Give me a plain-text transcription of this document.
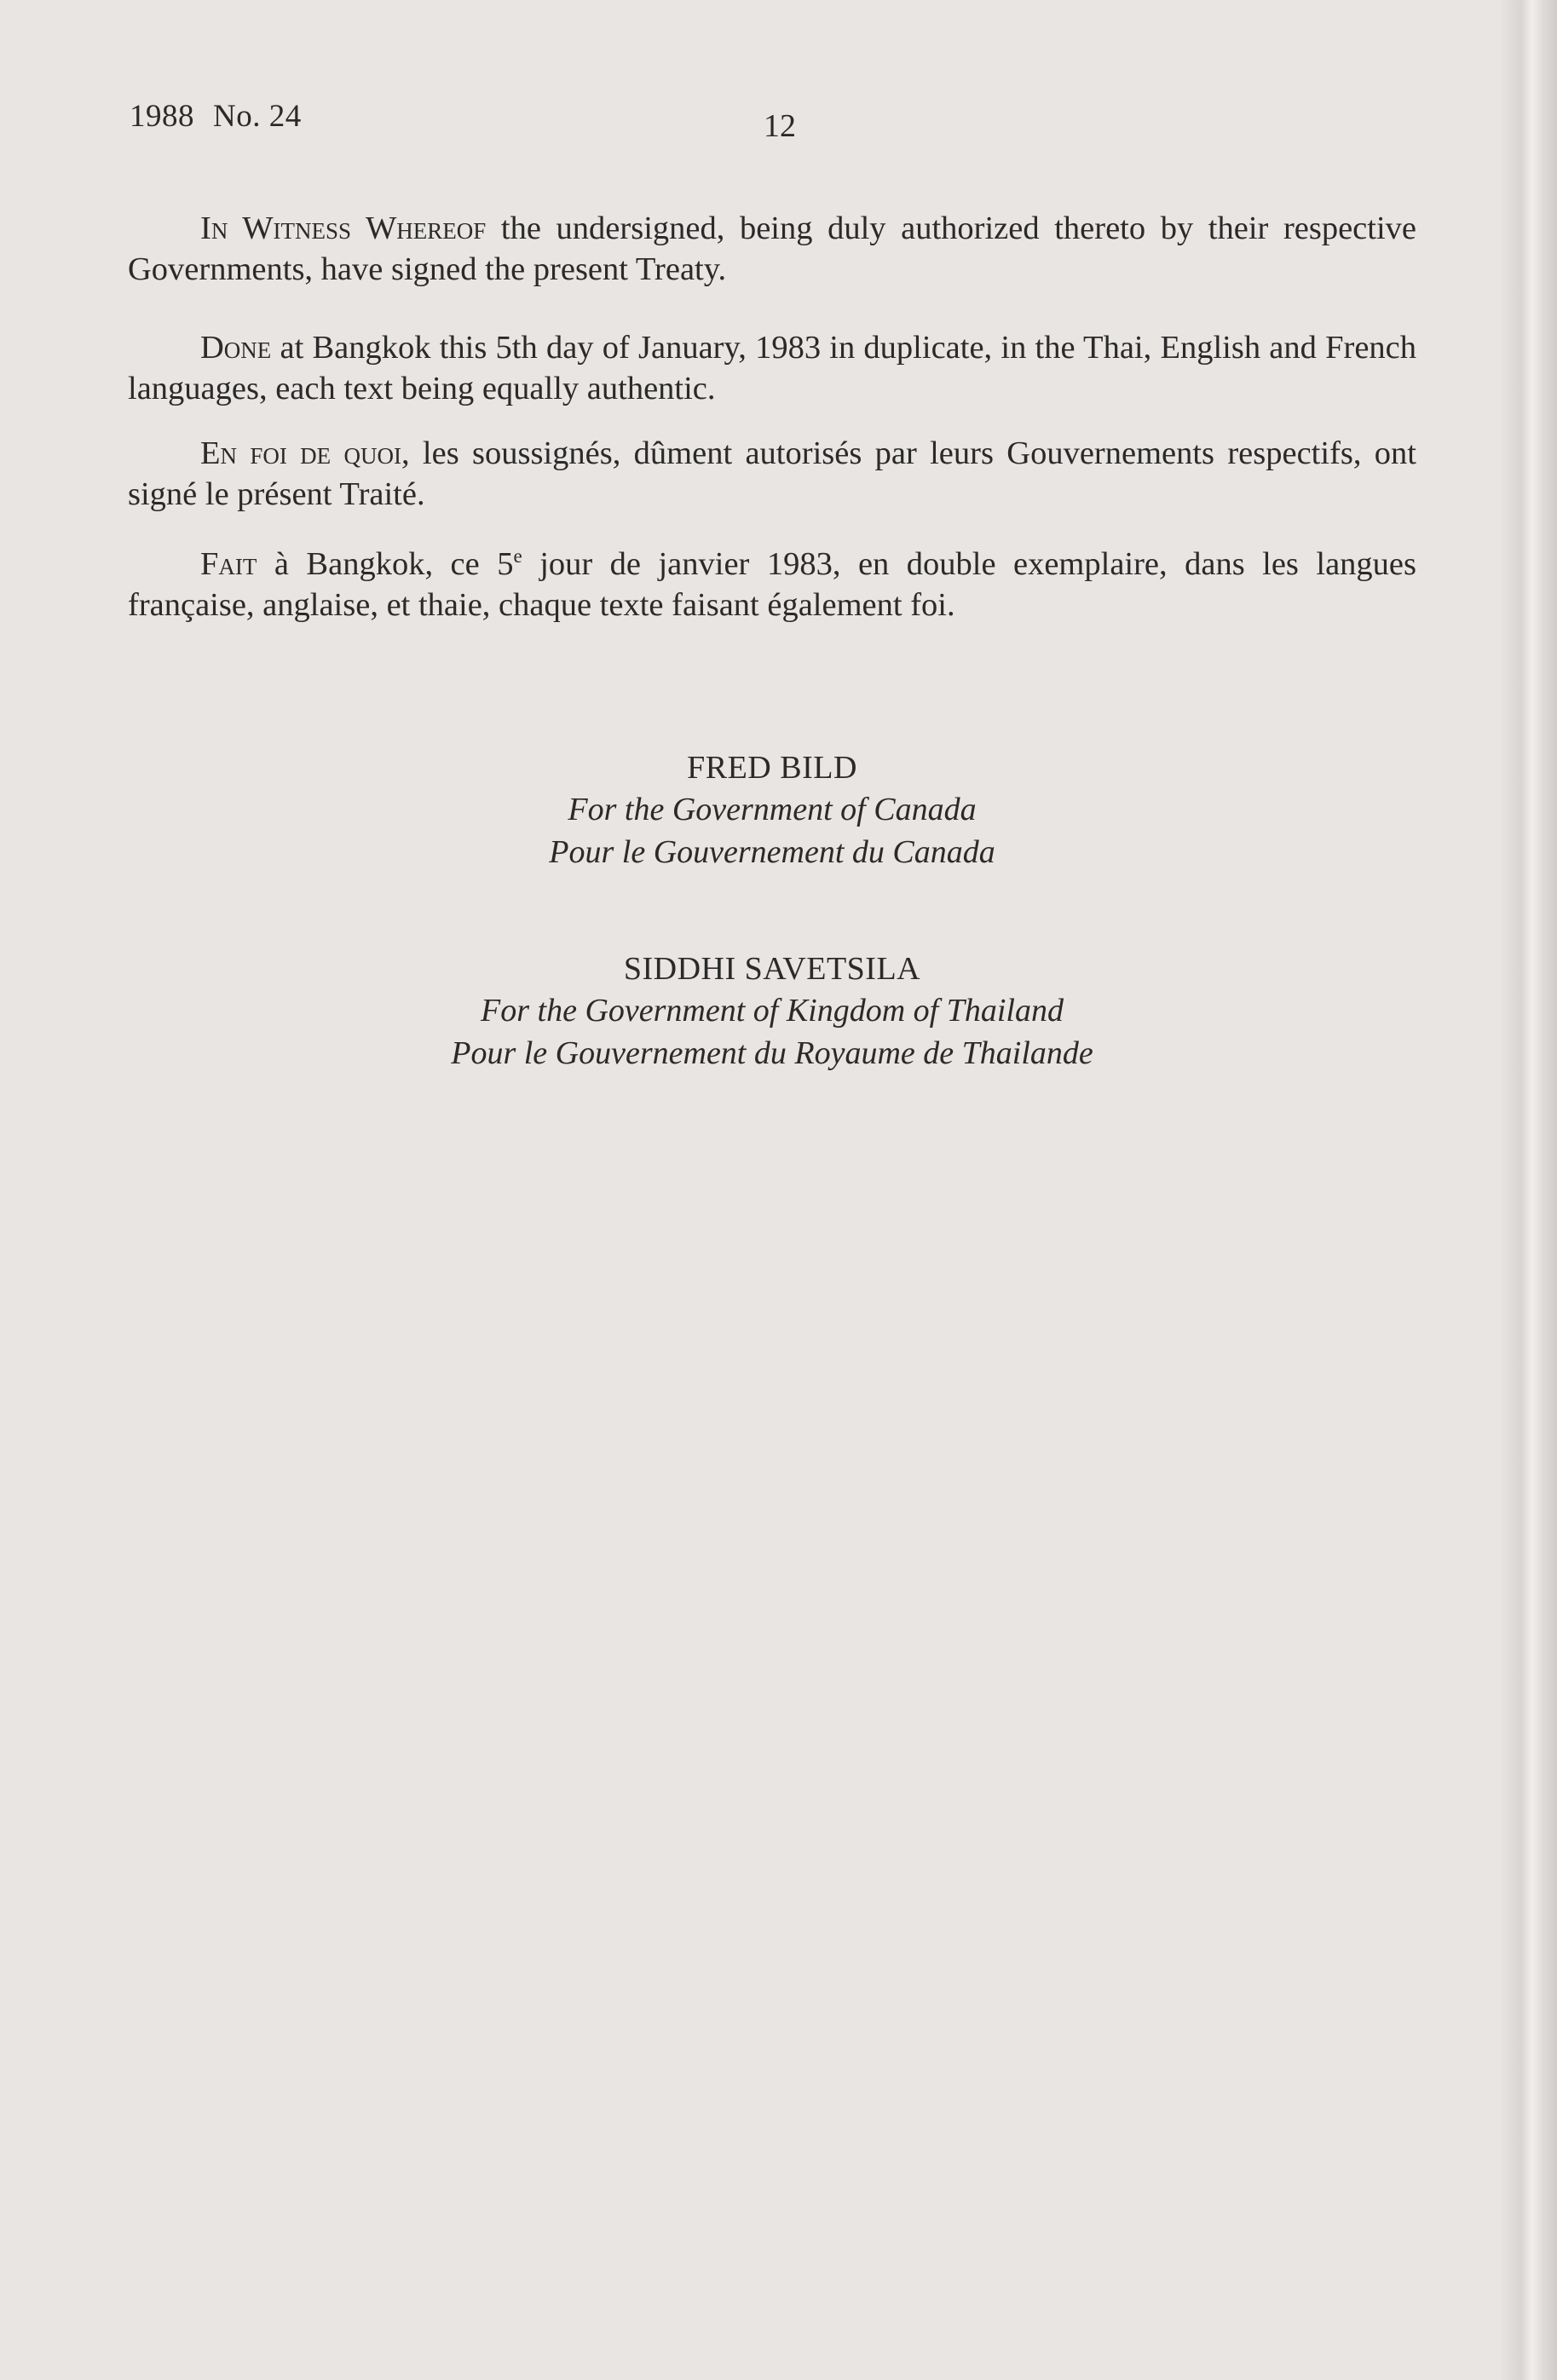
1988 No. 24	12

In Witness Whereof the undersigned, being duly authorized thereto by their respective Governments, have signed the present Treaty.

Done at Bangkok this 5th day of January, 1983 in duplicate, in the Thai, English and French languages, each text being equally authentic.

En foi de quoi, les soussignés, dûment autorisés par leurs Gouvernements respectifs, ont signé le présent Traité.

Fait à Bangkok, ce 5e jour de janvier 1983, en double exemplaire, dans les langues française, anglaise, et thaie, chaque texte faisant également foi.

FRED BILD
For the Government of Canada
Pour le Gouvernement du Canada
SIDDHI SAVETSILA
For the Government of Kingdom of Thailand
Pour le Gouvernement du Royaume de Thailande
